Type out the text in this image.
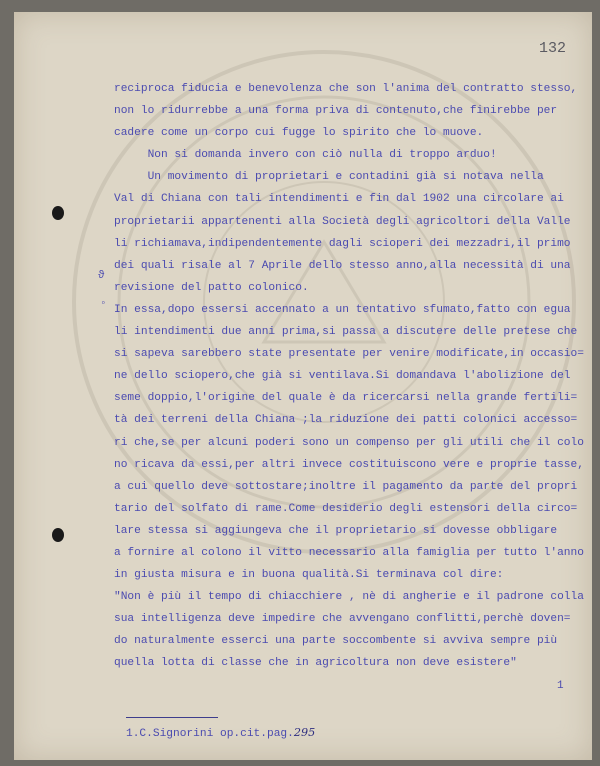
132
reciproca fiducia e benevolenza che son l'anima del contratto stesso,
non lo ridurrebbe a una forma priva di contenuto,che finirebbe per
cadere come un corpo cui fugge lo spirito che lo muove.
Non si domanda invero con ciò nulla di troppo arduo!
Un movimento di proprietari e contadini già si notava nella
Val di Chiana con tali intendimenti e fin dal 1902 una circolare ai
proprietarii appartenenti alla Società degli agricoltori della Valle
li richiamava,indipendentemente dagli scioperi dei mezzadri,il primo
dei quali risale al 7 Aprile dello stesso anno,alla necessità di una
revisione del patto colonico.
In essa,dopo essersi accennato a un tentativo sfumato,fatto con egua
li intendimenti due anni prima,si passa a discutere delle pretese che
si sapeva sarebbero state presentate per venire modificate,in occasio=
ne dello sciopero,che già si ventilava.Si domandava l'abolizione del
seme doppio,l'origine del quale è da ricercarsi nella grande fertili=
tà dei terreni della Chiana ;la riduzione dei patti colonici accesso=
ri che,se per alcuni poderi sono un compenso per gli utili che il colo
no ricava da essi,per altri invece costituiscono vere e proprie tasse,
a cui quello deve sottostare;inoltre il pagamento da parte del propri
tario del solfato di rame.Come desiderio degli estensori della circo=
lare stessa si aggiungeva che il proprietario si dovesse obbligare
a fornire al colono il vitto necessario alla famiglia per tutto l'anno
in giusta misura e in buona qualità.Si terminava col dire:
"Non è più il tempo di chiacchiere , nè di angherie e il padrone colla
sua intelligenza deve impedire che avvengano conflitti,perchè doven=
do naturalmente esserci una parte soccombente si avviva sempre più
quella lotta di classe che in agricoltura non deve esistere"
1
1.C.Signorini op.cit.pag.295
ϑ
◦
